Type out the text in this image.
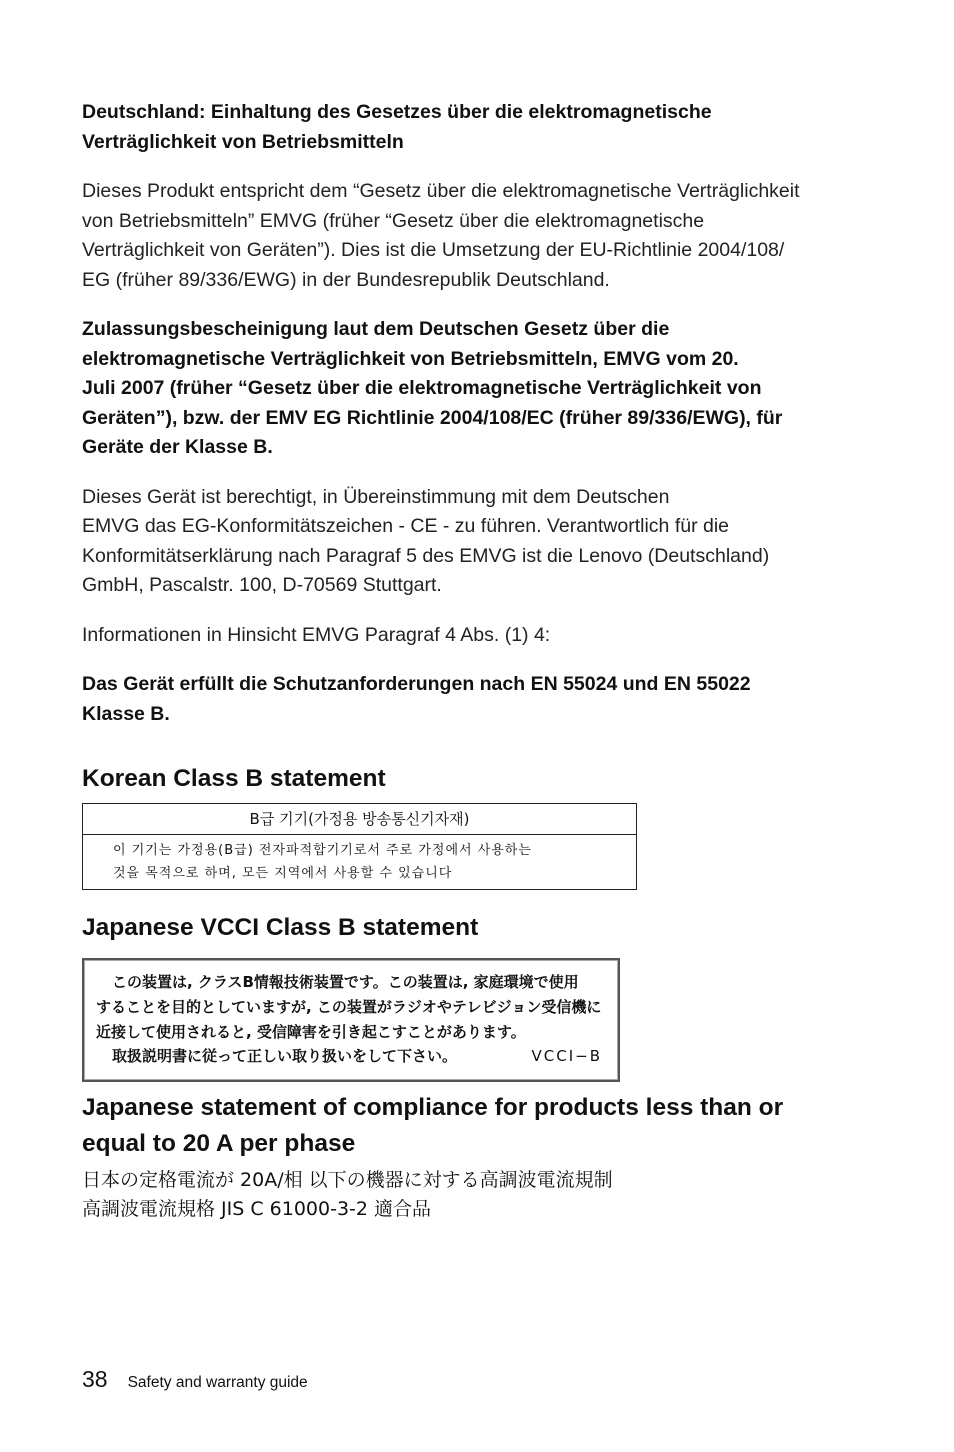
Deutschland: Einhaltung des Gesetzes über die elektromagnetische
Verträglichkeit von Betriebsmitteln

Dieses Produkt entspricht dem “Gesetz über die elektromagnetische Verträglichkeit
von Betriebsmitteln” EMVG (früher “Gesetz über die elektromagnetische
Verträglichkeit von Geräten”). Dies ist die Umsetzung der EU-Richtlinie 2004/108/
EG (früher 89/336/EWG) in der Bundesrepublik Deutschland.

Zulassungsbescheinigung laut dem Deutschen Gesetz über die
elektromagnetische Verträglichkeit von Betriebsmitteln, EMVG vom 20.
Juli 2007 (früher “Gesetz über die elektromagnetische Verträglichkeit von
Geräten”), bzw. der EMV EG Richtlinie 2004/108/EC (früher 89/336/EWG), für
Geräte der Klasse B.

Dieses Gerät ist berechtigt, in Übereinstimmung mit dem Deutschen
EMVG das EG-Konformitätszeichen - CE - zu führen. Verantwortlich für die
Konformitätserklärung nach Paragraf 5 des EMVG ist die Lenovo (Deutschland)
GmbH, Pascalstr. 100, D-70569 Stuttgart.

Informationen in Hinsicht EMVG Paragraf 4 Abs. (1) 4:

Das Gerät erfüllt die Schutzanforderungen nach EN 55024 und EN 55022
Klasse B.

Korean Class B statement
B급 기기(가정용 방송통신기자재)
이 기기는 가정용(B급) 전자파적합기기로서 주로 가정에서 사용하는
것을 목적으로 하며, 모든 지역에서 사용할 수 있습니다
Japanese VCCI Class B statement
この装置は, クラスB情報技術装置です。この装置は, 家庭環境で使用
することを目的としていますが, この装置がラジオやテレビジョン受信機に
近接して使用されると, 受信障害を引き起こすことがあります。
取扱説明書に従って正しい取り扱いをして下さい。	VCCI−B
Japanese statement of compliance for products less than or
equal to 20 A per phase

日本の定格電流が 20A/相 以下の機器に対する高調波電流規制
高調波電流規格 JIS C 61000-3-2 適合品

38 Safety and warranty guide
